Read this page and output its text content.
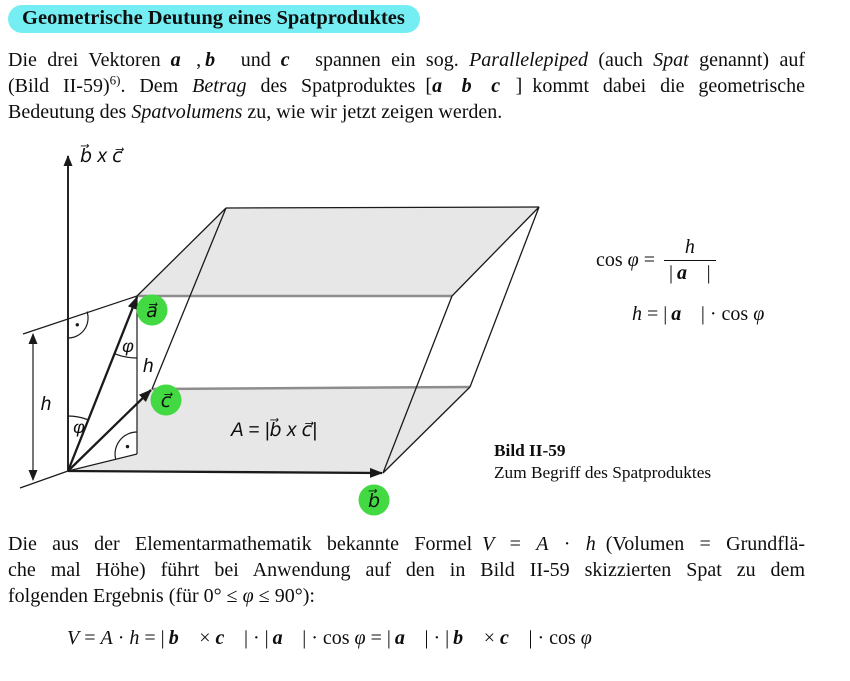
Geometrische Deutung eines Spatproduktes
Die drei Vektoren a⃗, b⃗ und c⃗ spannen ein sog. Parallelepiped (auch Spat genannt) auf
(Bild II-59)$^{6)}$. Dem Betrag des Spatproduktes [a⃗  b⃗  c⃗] kommt dabei die geometrische
Bedeutung des Spatvolumens zu, wie wir jetzt zeigen werden.
b⃗ x c⃗
a⃗
c⃗
b⃗
h
h
φ
φ
A = |b⃗ x c⃗|
$\cos \varphi = \frac{h}{| a⃗ |}$
h = |  a⃗  | · cos φ
Bild II-59
Zum Begriff des Spatproduktes
Die aus der Elementarmathematik bekannte Formel V = A · h (Volumen = Grundflä-
che mal Höhe) führt bei Anwendung auf den in Bild II-59 skizzierten Spat zu dem
folgenden Ergebnis (für 0° ≤ φ ≤ 90°):
V = A · h = | b⃗ × c⃗ | · | a⃗ | · cos φ = | a⃗ | · | b⃗ × c⃗ | · cos φ
